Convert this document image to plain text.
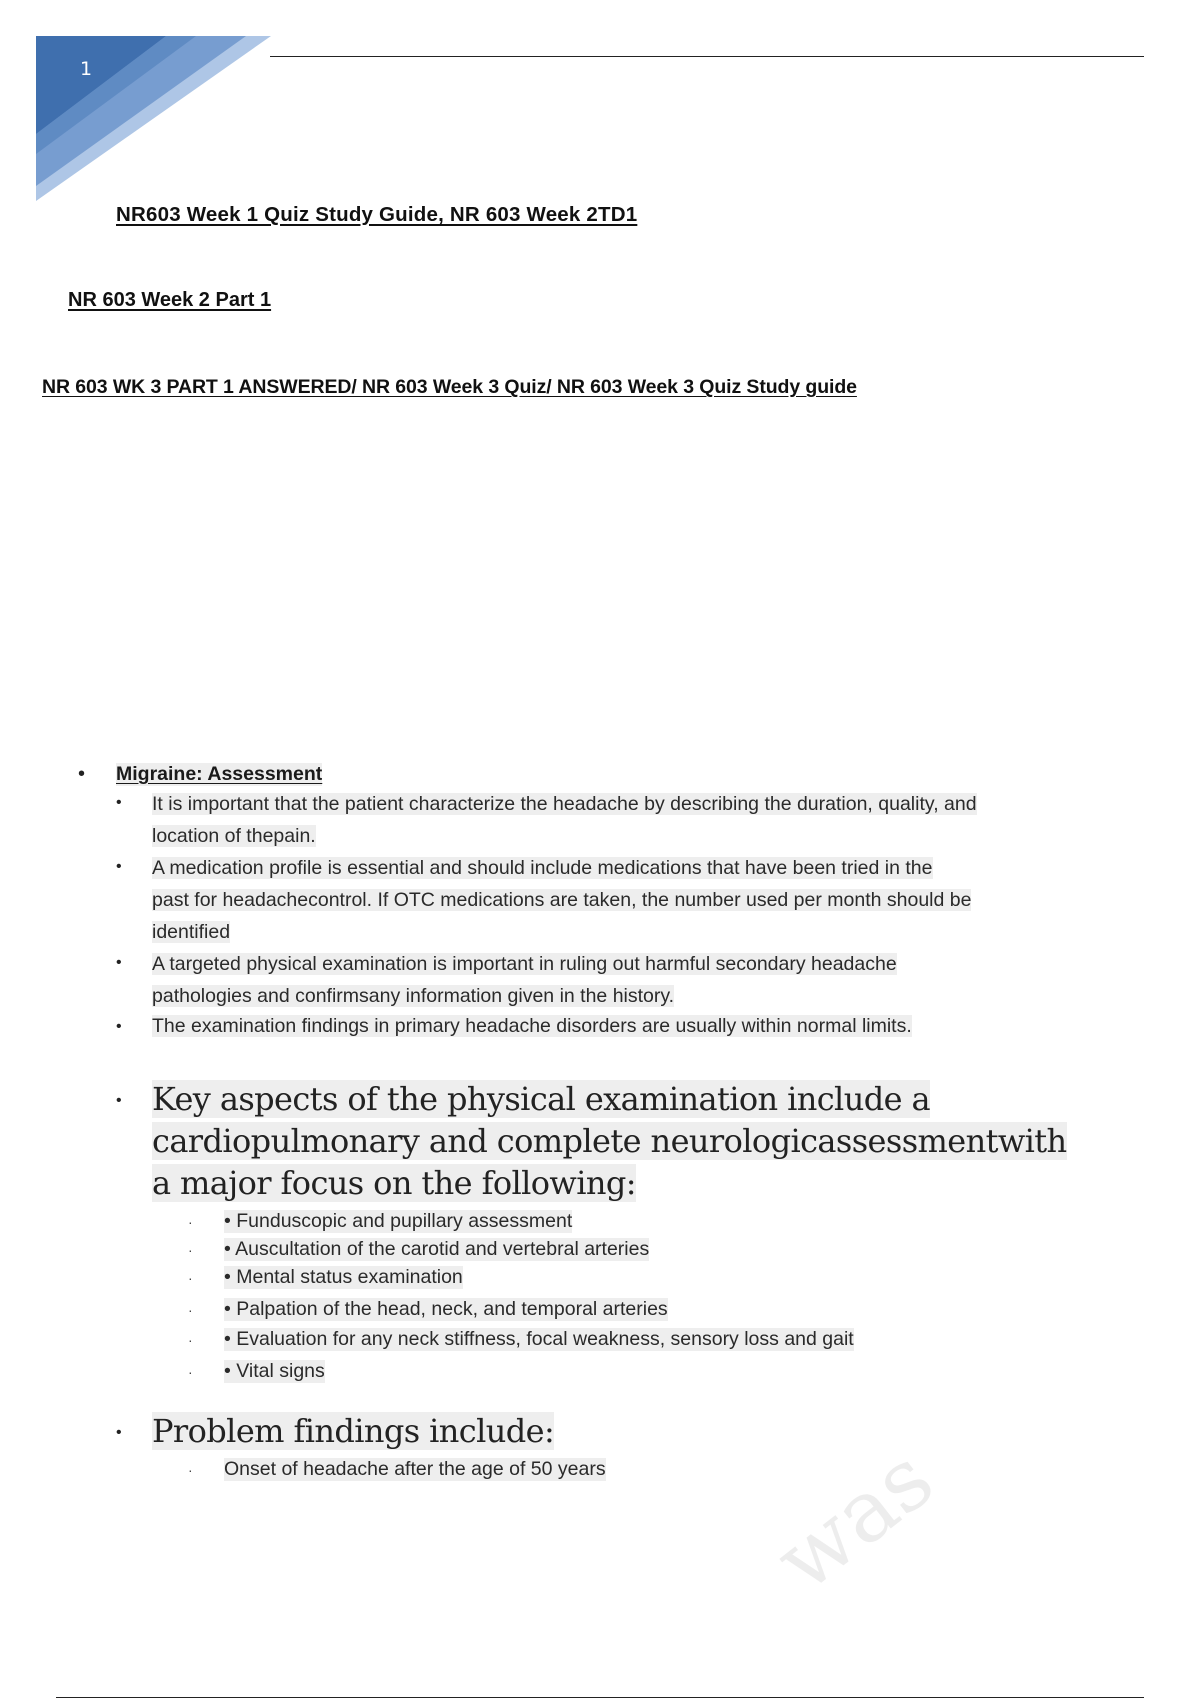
1
NR603 Week 1 Quiz Study Guide, NR 603 Week 2TD1
NR 603 Week 2 Part 1
NR 603 WK 3 PART 1 ANSWERED/ NR 603 Week 3 Quiz/ NR 603 Week 3 Quiz Study guide
was
• Migraine: Assessment
• It is important that the patient characterize the headache by describing the duration, quality, and
location of thepain.
• A medication profile is essential and should include medications that have been tried in the
past for headachecontrol. If OTC medications are taken, the number used per month should be
identified
• A targeted physical examination is important in ruling out harmful secondary headache
pathologies and confirmsany information given in the history.
• The examination findings in primary headache disorders are usually within normal limits.
• Key aspects of the physical examination include a
cardiopulmonary and complete neurologicassessmentwith
a major focus on the following:
· • Funduscopic and pupillary assessment
· • Auscultation of the carotid and vertebral arteries
· • Mental status examination
· • Palpation of the head, neck, and temporal arteries
· • Evaluation for any neck stiffness, focal weakness, sensory loss and gait
· • Vital signs
• Problem findings include:
· Onset of headache after the age of 50 years
